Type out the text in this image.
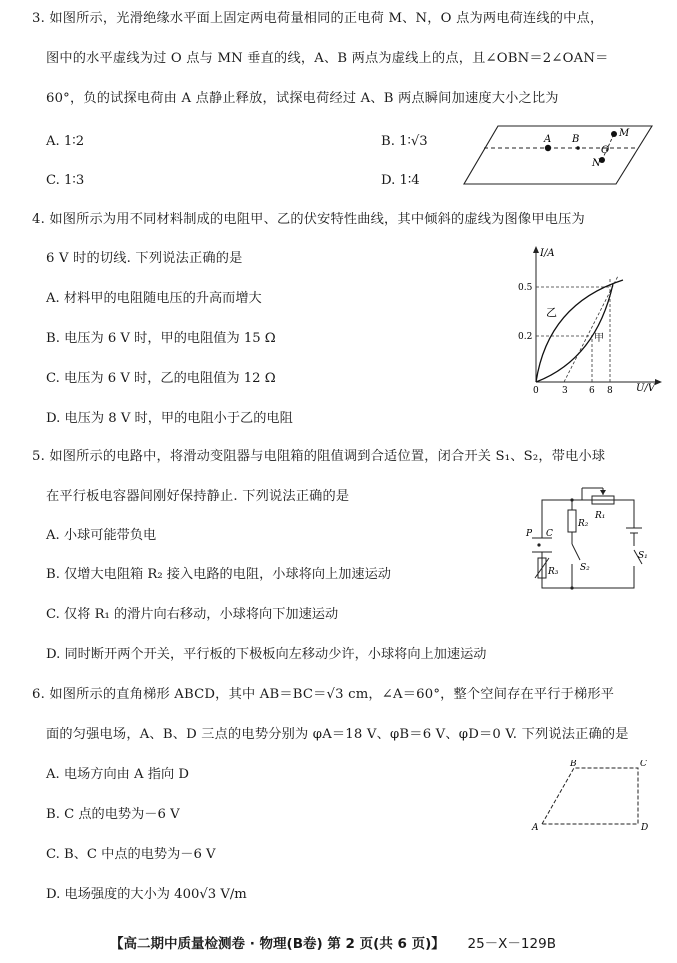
3. 如图所示，光滑绝缘水平面上固定两电荷量相同的正电荷 M、N，O 点为两电荷连线的中点，
图中的水平虚线为过 O 点与 MN 垂直的线，A、B 两点为虚线上的点，且∠OBN＝2∠OAN＝
60°，负的试探电荷由 A 点静止释放，试探电荷经过 A、B 两点瞬间加速度大小之比为
A. 1∶2	B. 1∶√3
C. 1∶3	D. 1∶4
A B
M
O
N
4. 如图所示为用不同材料制成的电阻甲、乙的伏安特性曲线，其中倾斜的虚线为图像甲电压为
6 V 时的切线. 下列说法正确的是
A. 材料甲的电阻随电压的升高而增大
B. 电压为 6 V 时，甲的电阻值为 15 Ω
C. 电压为 6 V 时，乙的电阻值为 12 Ω
D. 电压为 8 V 时，甲的电阻小于乙的电阻
I/A
U/V
0.5
0.2
0	3 6 8
乙
甲
5. 如图所示的电路中，将滑动变阻器与电阻箱的阻值调到合适位置，闭合开关 S₁、S₂，带电小球
在平行板电容器间刚好保持静止. 下列说法正确的是
A. 小球可能带负电
B. 仅增大电阻箱 R₂ 接入电路的电阻，小球将向上加速运动
C. 仅将 R₁ 的滑片向右移动，小球将向下加速运动
D. 同时断开两个开关，平行板的下极板向左移动少许，小球将向上加速运动
P C
R₁
R₂
R₃
S₁
S₂
6. 如图所示的直角梯形 ABCD，其中 AB＝BC＝√3 cm，∠A＝60°，整个空间存在平行于梯形平
面的匀强电场，A、B、D 三点的电势分别为 φA＝18 V、φB＝6 V、φD＝0 V. 下列说法正确的是
A. 电场方向由 A 指向 D
B. C 点的电势为－6 V
C. B、C 中点的电势为－6 V
D. 电场强度的大小为 400√3 V/m
A
B	C
D
【高二期中质量检测卷 · 物理(B卷) 第 2 页(共 6 页)】 25－X－129B
